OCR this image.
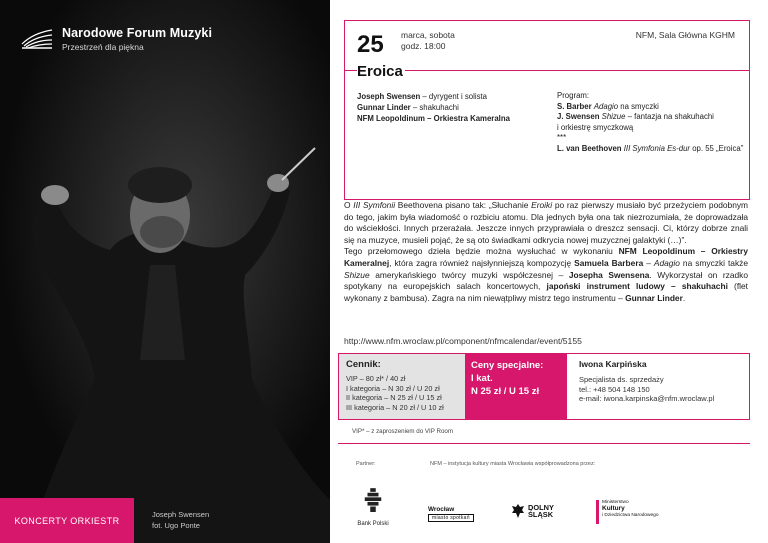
Narodowe Forum Muzyki
Przestrzeń dla piękna
KONCERTY ORKIESTR
Joseph Swensen
fot. Ugo Ponte
25 marca, sobota
godz. 18:00
NFM, Sala Główna KGHM
Eroica
Joseph Swensen – dyrygent i solista
Gunnar Linder – shakuhachi
NFM Leopoldinum – Orkiestra Kameralna
Program:
S. Barber Adagio na smyczki
J. Swensen Shizue – fantazja na shakuhachi
i orkiestrę smyczkową
***
L. van Beethoven III Symfonia Es-dur op. 55 „Eroica”

O III Symfonii Beethovena pisano tak: „Słuchanie Eroiki po raz pierwszy musiało być przeżyciem podobnym do tego, jakim była wiadomość o rozbiciu atomu. Dla jednych była ona tak niezrozumiała, że doprowadzała do wściekłości. Innych przerażała. Jeszcze innych przyprawiała o dreszcz sensacji. Ci, którzy dobrze znali się na muzyce, musieli pojąć, że są oto świadkami odkrycia nowej muzycznej galaktyki (…)”.

Tego przełomowego dzieła będzie można wysłuchać w wykonaniu NFM Leopoldinum – Orkiestry Kameralnej, która zagra również najsłynniejszą kompozycję Samuela Barbera – Adagio na smyczki także Shizue amerykańskiego twórcy muzyki współczesnej – Josepha Swensena. Wykorzystał on rzadko spotykany na europejskich salach koncertowych, japoński instrument ludowy – shakuhachi (flet wykonany z bambusa). Zagra na nim niewątpliwy mistrz tego instrumentu – Gunnar Linder.

http://www.nfm.wroclaw.pl/component/nfmcalendar/event/5155
Cennik:
VIP – 80 zł* / 40 zł
I kategoria – N 30 zł / U 20 zł
II kategoria – N 25 zł / U 15 zł
III kategoria – N 20 zł / U 10 zł
Ceny specjalne:
I kat.
N 25 zł / U 15 zł
Iwona Karpińska
Specjalista ds. sprzedaży
tel.: +48 504 148 150
e-mail: iwona.karpinska@nfm.wroclaw.pl
VIP* – z zaproszeniem do VIP Room
Partner:	NFM – instytucja kultury miasta Wrocławia współprowadzona przez:
Bank Polski
Wrocław
miasto spotkań
DOLNY
ŚLĄSK
Ministerstwo
Kultury
i Dziedzictwa Narodowego
